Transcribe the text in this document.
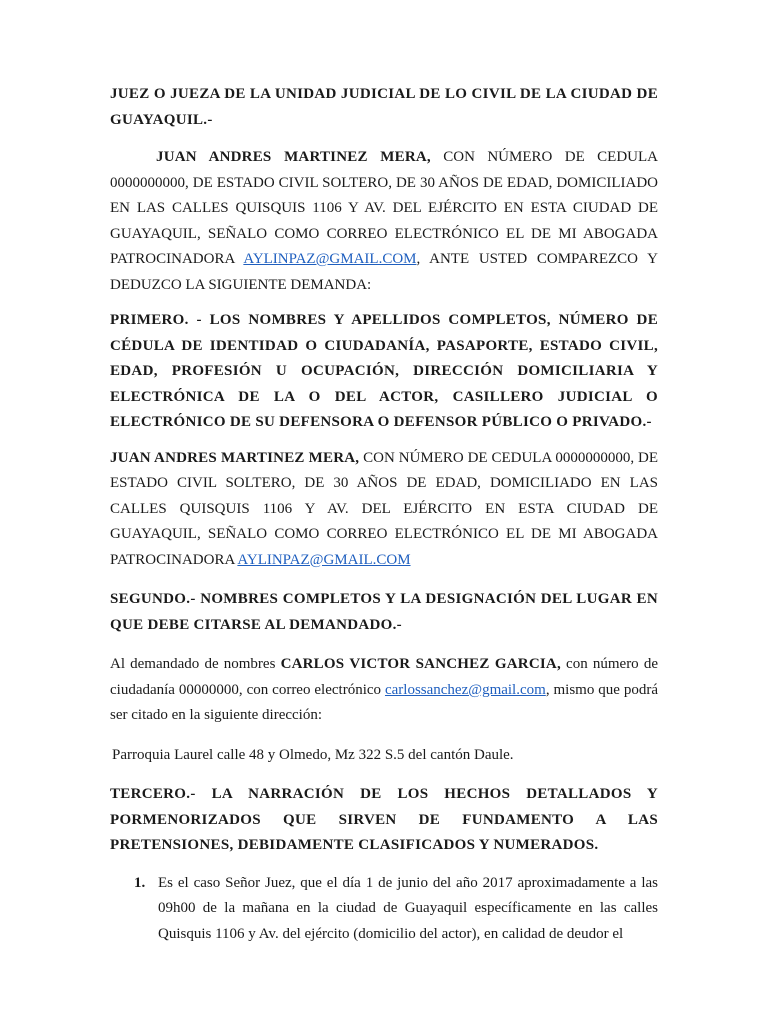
JUEZ O JUEZA DE LA UNIDAD JUDICIAL DE LO CIVIL DE LA CIUDAD DE GUAYAQUIL.-

JUAN ANDRES MARTINEZ MERA, CON NÚMERO DE CEDULA 0000000000, DE ESTADO CIVIL SOLTERO, DE 30 AÑOS DE EDAD, DOMICILIADO EN LAS CALLES QUISQUIS 1106 Y AV. DEL EJÉRCITO EN ESTA CIUDAD DE GUAYAQUIL, SEÑALO COMO CORREO ELECTRÓNICO EL DE MI ABOGADA PATROCINADORA AYLINPAZ@GMAIL.COM, ANTE USTED COMPAREZCO Y DEDUZCO LA SIGUIENTE DEMANDA:

PRIMERO. - LOS NOMBRES Y APELLIDOS COMPLETOS, NÚMERO DE CÉDULA DE IDENTIDAD O CIUDADANÍA, PASAPORTE, ESTADO CIVIL, EDAD, PROFESIÓN U OCUPACIÓN, DIRECCIÓN DOMICILIARIA Y ELECTRÓNICA DE LA O DEL ACTOR, CASILLERO JUDICIAL O ELECTRÓNICO DE SU DEFENSORA O DEFENSOR PÚBLICO O PRIVADO.-

JUAN ANDRES MARTINEZ MERA, CON NÚMERO DE CEDULA 0000000000, DE ESTADO CIVIL SOLTERO, DE 30 AÑOS DE EDAD, DOMICILIADO EN LAS CALLES QUISQUIS 1106 Y AV. DEL EJÉRCITO EN ESTA CIUDAD DE GUAYAQUIL, SEÑALO COMO CORREO ELECTRÓNICO EL DE MI ABOGADA PATROCINADORA AYLINPAZ@GMAIL.COM

SEGUNDO.- NOMBRES COMPLETOS Y LA DESIGNACIÓN DEL LUGAR EN QUE DEBE CITARSE AL DEMANDADO.-

Al demandado de nombres CARLOS VICTOR SANCHEZ GARCIA, con número de ciudadanía 00000000, con correo electrónico carlossanchez@gmail.com, mismo que podrá ser citado en la siguiente dirección:

Parroquia Laurel calle 48 y Olmedo, Mz 322 S.5 del cantón Daule.

TERCERO.- LA NARRACIÓN DE LOS HECHOS DETALLADOS Y PORMENORIZADOS QUE SIRVEN DE FUNDAMENTO A LAS PRETENSIONES, DEBIDAMENTE CLASIFICADOS Y NUMERADOS.

1. Es el caso Señor Juez, que el día 1 de junio del año 2017 aproximadamente a las 09h00 de la mañana en la ciudad de Guayaquil específicamente en las calles Quisquis 1106 y Av. del ejército (domicilio del actor), en calidad de deudor el
